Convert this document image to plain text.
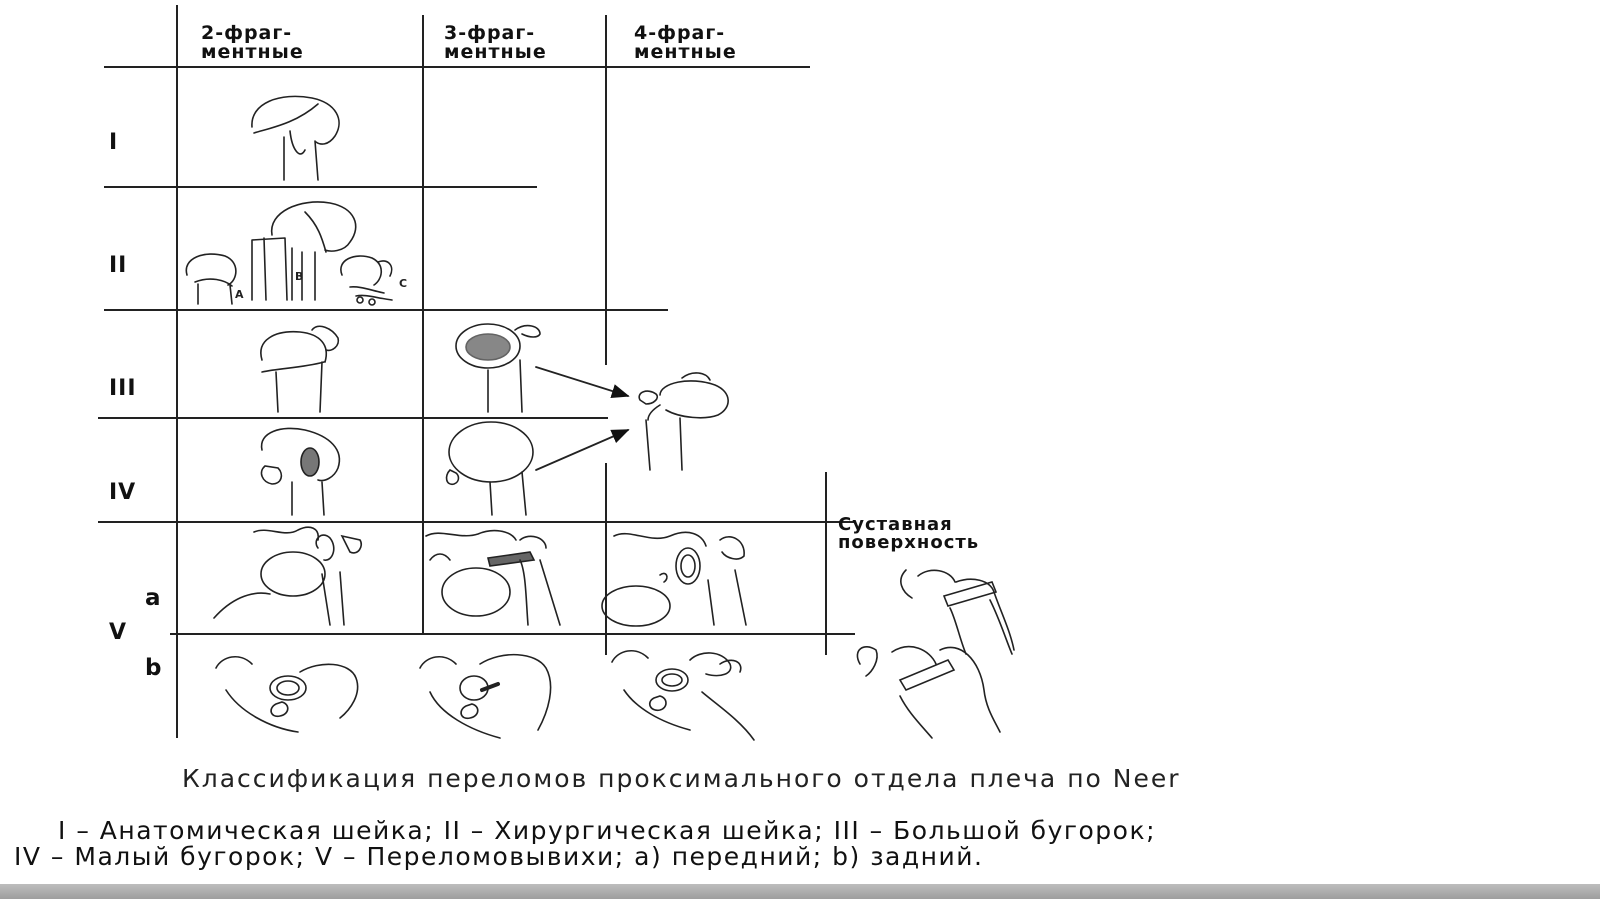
2-фраг-
ментные
3-фраг-
ментные
4-фраг-
ментные
I
II
III
IV
V
a
b
A
B
C
Суставная
поверхность
Классификация переломов проксимального отдела плеча по Neer
I – Анатомическая шейка; II – Хирургическая шейка; III – Большой бугорок;
IV – Малый бугорок; V – Переломовывихи; a) передний; b) задний.
